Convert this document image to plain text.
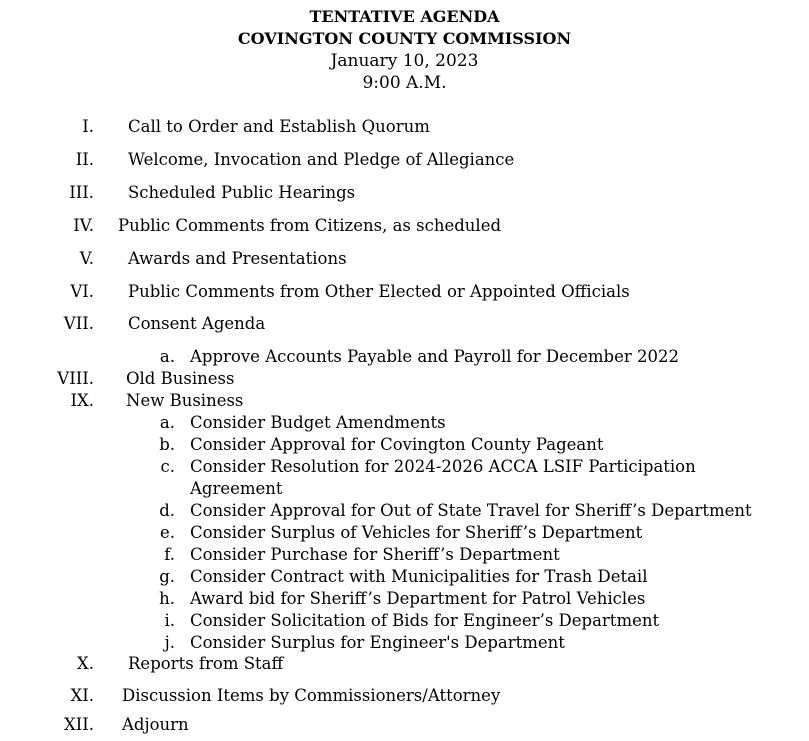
TENTATIVE AGENDA
COVINGTON COUNTY COMMISSION
January 10, 2023
9:00 A.M.
I. Call to Order and Establish Quorum
II. Welcome, Invocation and Pledge of Allegiance
III. Scheduled Public Hearings
IV. Public Comments from Citizens, as scheduled
V. Awards and Presentations
VI. Public Comments from Other Elected or Appointed Officials
VII. Consent Agenda
a. Approve Accounts Payable and Payroll for December 2022
VIII. Old Business
IX. New Business
a. Consider Budget Amendments
b. Consider Approval for Covington County Pageant
c. Consider Resolution for 2024-2026 ACCA LSIF Participation
Agreement
d. Consider Approval for Out of State Travel for Sheriff’s Department
e. Consider Surplus of Vehicles for Sheriff’s Department
f. Consider Purchase for Sheriff’s Department
g. Consider Contract with Municipalities for Trash Detail
h. Award bid for Sheriff’s Department for Patrol Vehicles
i. Consider Solicitation of Bids for Engineer’s Department
j. Consider Surplus for Engineer's Department
X. Reports from Staff
XI. Discussion Items by Commissioners/Attorney
XII. Adjourn
